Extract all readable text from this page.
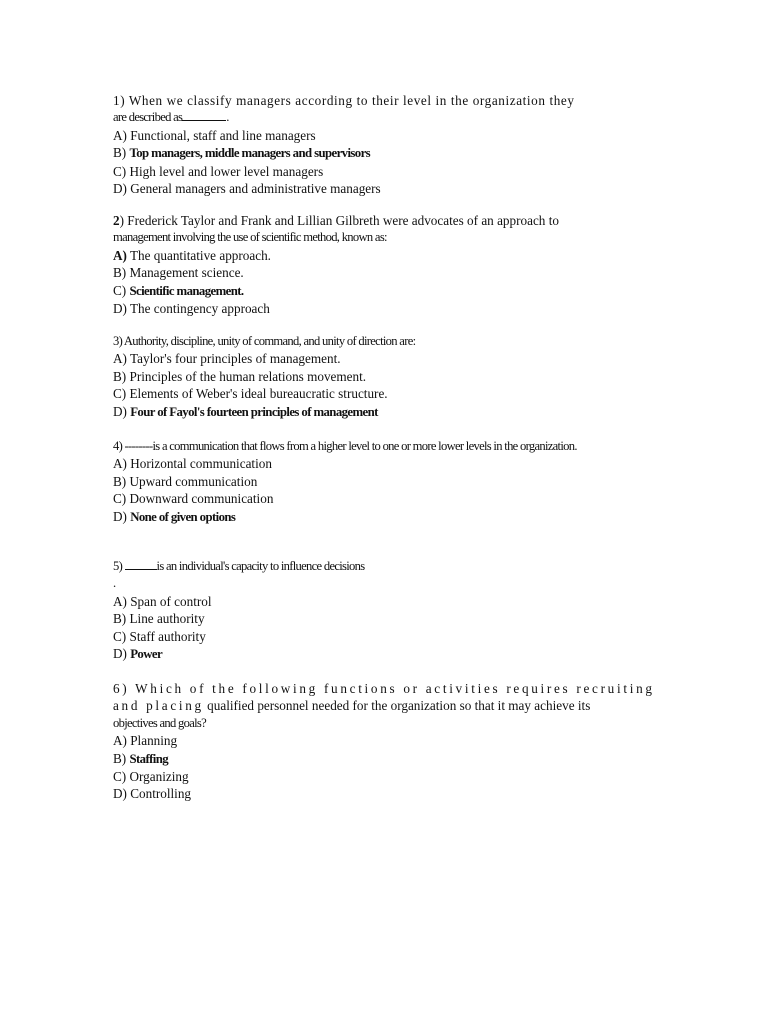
1) When we classify managers according to their level in the organization they
are described as	.
A) Functional, staff and line managers
B) Top managers, middle managers and supervisors
C) High level and lower level managers
D) General managers and administrative managers
2) Frederick Taylor and Frank and Lillian Gilbreth were advocates of an approach to
management involving the use of scientific method, known as:
A) The quantitative approach.
B) Management science.
C) Scientific management.
D) The contingency approach
3) Authority, discipline, unity of command, and unity of direction are:
A) Taylor's four principles of management.
B) Principles of the human relations movement.
C) Elements of Weber's ideal bureaucratic structure.
D) Four of Fayol's fourteen principles of management
4) --------is a communication that flows from a higher level to one or more lower levels in the organization.
A) Horizontal communication
B) Upward communication
C) Downward communication
D) None of given options
5)	is an individual's capacity to influence decisions
.
A) Span of control
B) Line authority
C) Staff authority
D) Power
6) Which of the following functions or activities requires recruiting
and placing qualified personnel needed for the organization so that it may achieve its
objectives and goals?
A) Planning
B) Staffing
C) Organizing
D) Controlling
